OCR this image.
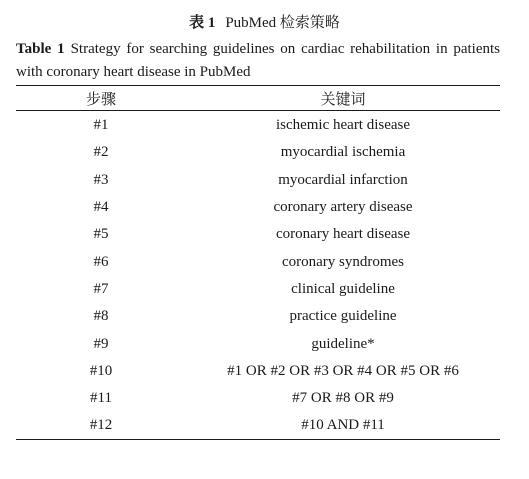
表 1 PubMed 检索策略
Table 1 Strategy for searching guidelines on cardiac rehabilitation in patients with coronary heart disease in PubMed
步骤	关键词
#1	ischemic heart disease
#2	myocardial ischemia
#3	myocardial infarction
#4	coronary artery disease
#5	coronary heart disease
#6	coronary syndromes
#7	clinical guideline
#8	practice guideline
#9	guideline*
#10	#1 OR #2 OR #3 OR #4 OR #5 OR #6
#11	#7 OR #8 OR #9
#12	#10 AND #11
